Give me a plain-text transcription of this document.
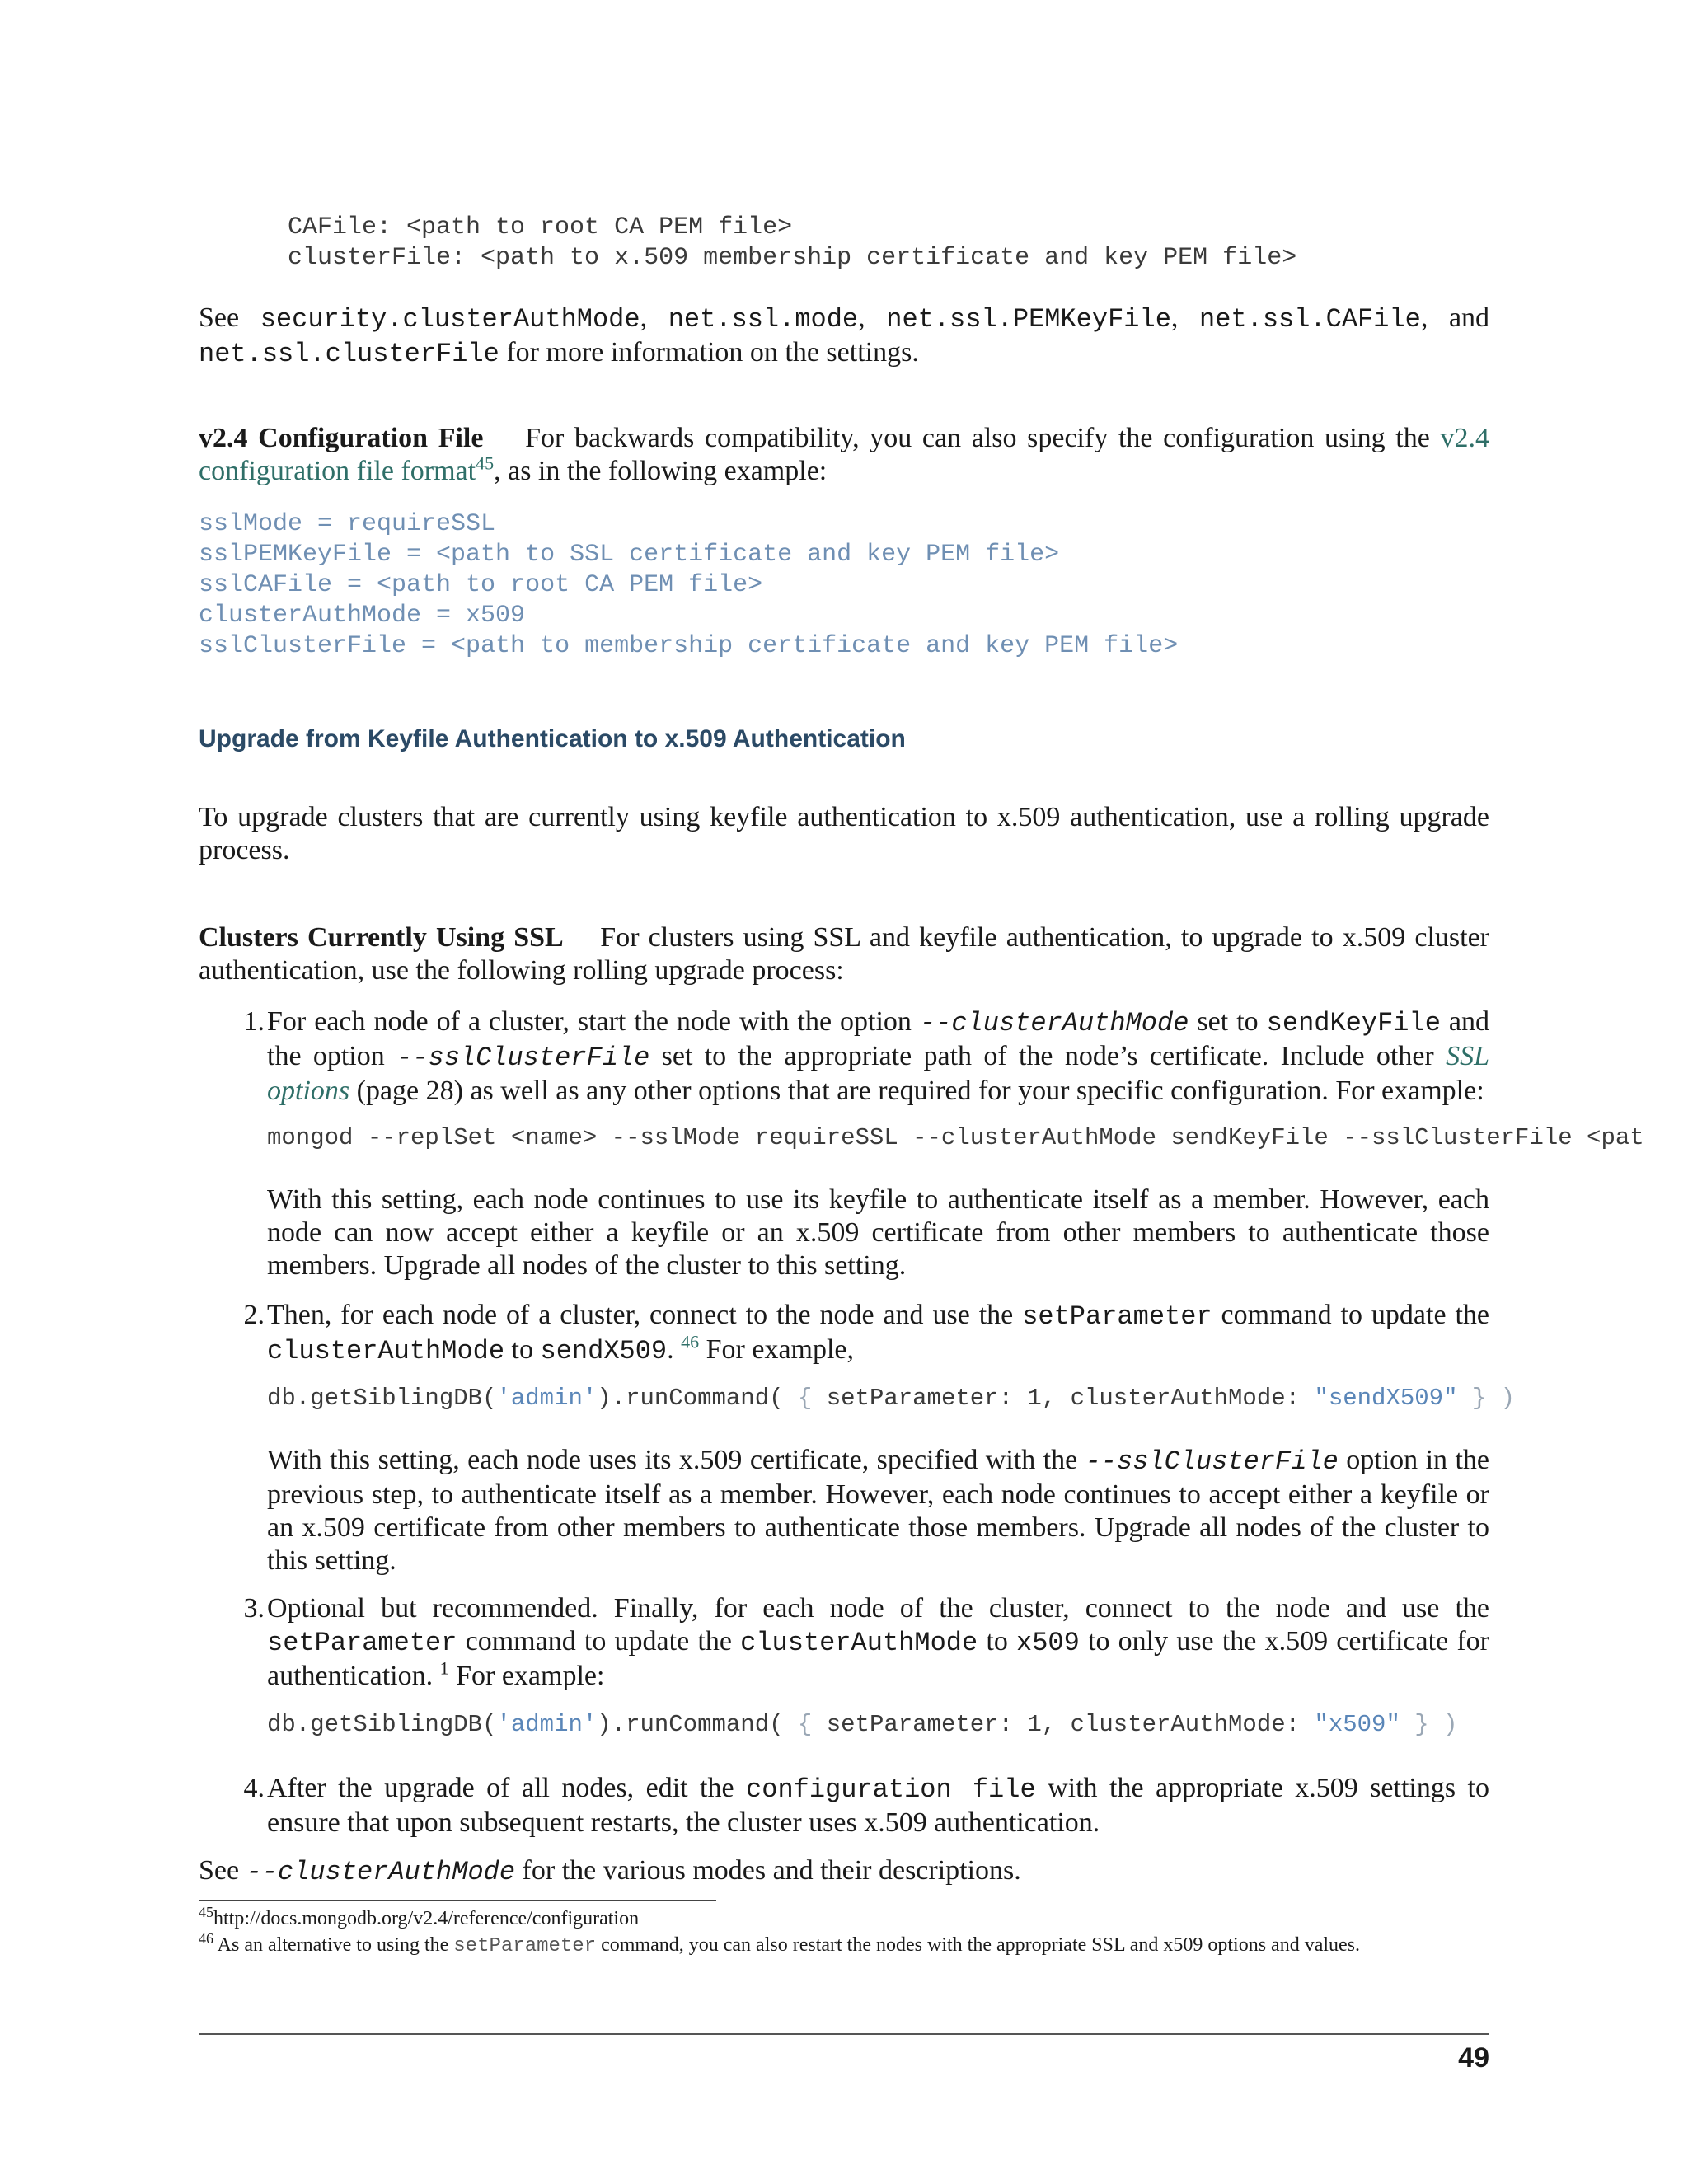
CAFile: <path to root CA PEM file>
clusterFile: <path to x.509 membership certificate and key PEM file>

See security.clusterAuthMode, net.ssl.mode, net.ssl.PEMKeyFile, net.ssl.CAFile, and net.ssl.clusterFile for more information on the settings.

v2.4 Configuration File    For backwards compatibility, you can also specify the configuration using the v2.4 configuration file format$^{45}$, as in the following example:

sslMode = requireSSL
sslPEMKeyFile = <path to SSL certificate and key PEM file>
sslCAFile = <path to root CA PEM file>
clusterAuthMode = x509
sslClusterFile = <path to membership certificate and key PEM file>
Upgrade from Keyfile Authentication to x.509 Authentication

To upgrade clusters that are currently using keyfile authentication to x.509 authentication, use a rolling upgrade process.

Clusters Currently Using SSL    For clusters using SSL and keyfile authentication, to upgrade to x.509 cluster authentication, use the following rolling upgrade process:

1. For each node of a cluster, start the node with the option --clusterAuthMode set to sendKeyFile and the option --sslClusterFile set to the appropriate path of the node’s certificate. Include other SSL options (page 28) as well as any other options that are required for your specific configuration. For example:
mongod --replSet <name> --sslMode requireSSL --clusterAuthMode sendKeyFile --sslClusterFile <pat

With this setting, each node continues to use its keyfile to authenticate itself as a member. However, each node can now accept either a keyfile or an x.509 certificate from other members to authenticate those members. Upgrade all nodes of the cluster to this setting.

2. Then, for each node of a cluster, connect to the node and use the setParameter command to update the clusterAuthMode to sendX509. $^{46}$ For example,
db.getSiblingDB('admin').runCommand( { setParameter: 1, clusterAuthMode: "sendX509" } )

With this setting, each node uses its x.509 certificate, specified with the --sslClusterFile option in the previous step, to authenticate itself as a member. However, each node continues to accept either a keyfile or an x.509 certificate from other members to authenticate those members. Upgrade all nodes of the cluster to this setting.

3. Optional but recommended. Finally, for each node of the cluster, connect to the node and use the setParameter command to update the clusterAuthMode to x509 to only use the x.509 certificate for authentication. $^1$ For example:
db.getSiblingDB('admin').runCommand( { setParameter: 1, clusterAuthMode: "x509" } )
4. After the upgrade of all nodes, edit the configuration file with the appropriate x.509 settings to ensure that upon subsequent restarts, the cluster uses x.509 authentication.

See --clusterAuthMode for the various modes and their descriptions.

$^{45}$http://docs.mongodb.org/v2.4/reference/configuration

$^{46}$ As an alternative to using the setParameter command, you can also restart the nodes with the appropriate SSL and x509 options and values.

49
